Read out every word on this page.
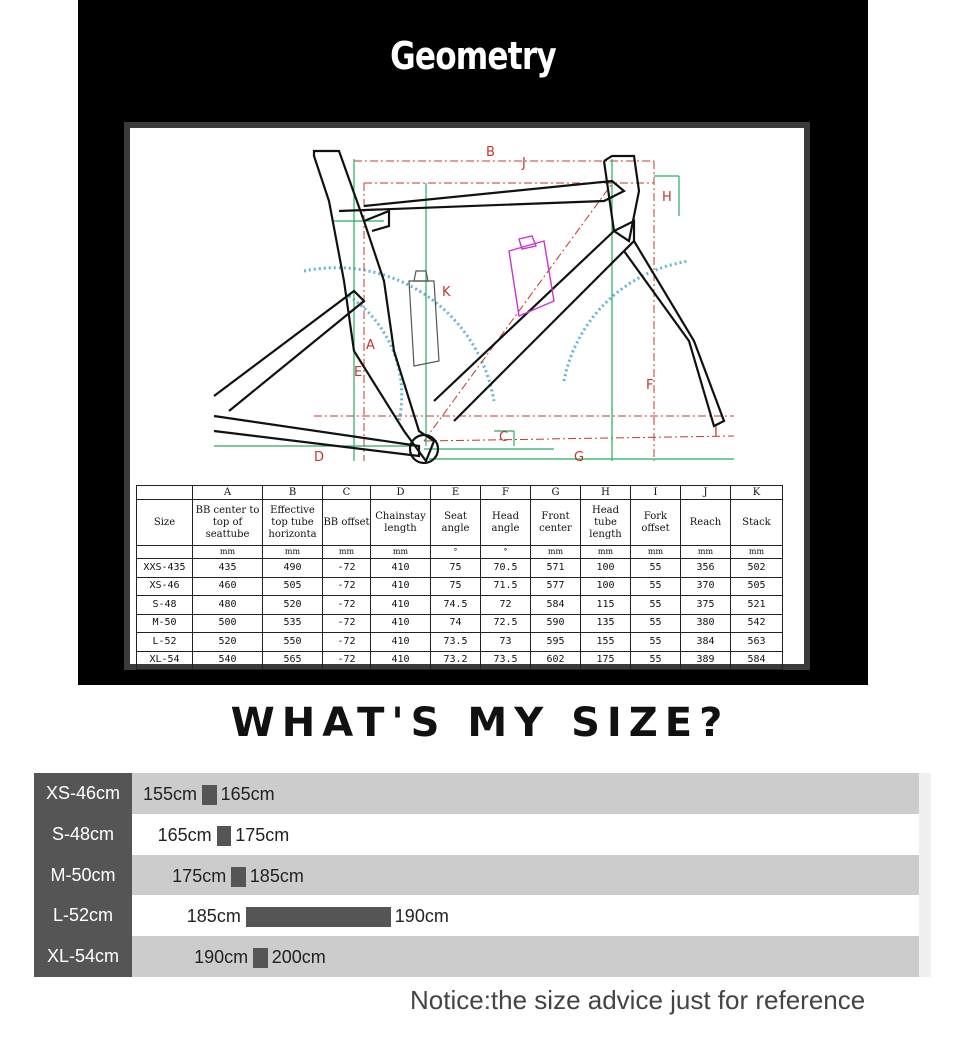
Geometry
B
J
H
K
A
E
F
C
D	G
I
	A	B	C	D	E	F	G	H	I	J	K
Size	BB center to top of seattube	Effective top tube horizonta	BB offset	Chainstay length	Seat angle	Head angle	Front center	Head tube length	Fork offset	Reach	Stack
	mm	mm	mm	mm	°	°	mm	mm	mm	mm	mm
XXS-435	435	490	-72	410	75	70.5	571	100	55	356	502
XS-46	460	505	-72	410	75	71.5	577	100	55	370	505
S-48	480	520	-72	410	74.5	72	584	115	55	375	521
M-50	500	535	-72	410	74	72.5	590	135	55	380	542
L-52	520	550	-72	410	73.5	73	595	155	55	384	563
XL-54	540	565	-72	410	73.2	73.5	602	175	55	389	584
WHAT'S MY SIZE?
XS-46cm	155cm 165cm
S-48cm	165cm 175cm
M-50cm	175cm 185cm
L-52cm	185cm	190cm
XL-54cm	190cm 200cm
Notice:the size advice just for reference
